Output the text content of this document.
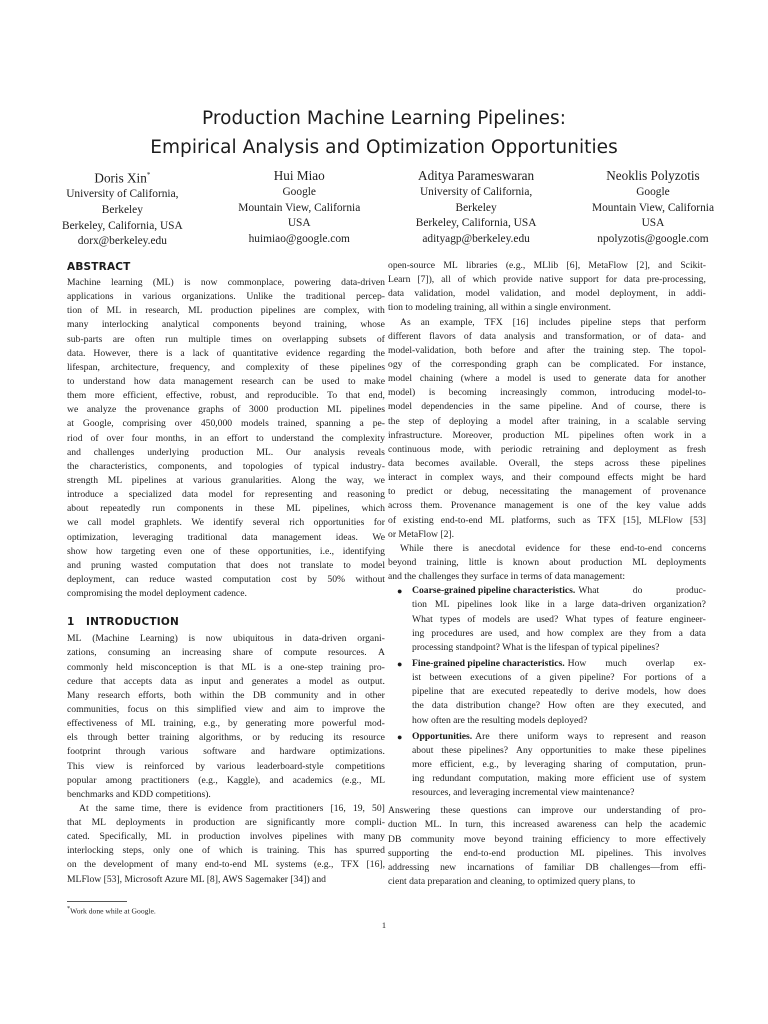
Production Machine Learning Pipelines:
Empirical Analysis and Optimization Opportunities
Doris Xin*
University of California,
Berkeley
Berkeley, California, USA
dorx@berkeley.edu
Hui Miao
Google
Mountain View, California
USA
huimiao@google.com
Aditya Parameswaran
University of California,
Berkeley
Berkeley, California, USA
adityagp@berkeley.edu
Neoklis Polyzotis
Google
Mountain View, California
USA
npolyzotis@google.com
ABSTRACT
Machine learning (ML) is now commonplace, powering data-driven
applications in various organizations. Unlike the traditional percep-
tion of ML in research, ML production pipelines are complex, with
many interlocking analytical components beyond training, whose
sub-parts are often run multiple times on overlapping subsets of
data. However, there is a lack of quantitative evidence regarding the
lifespan, architecture, frequency, and complexity of these pipelines
to understand how data management research can be used to make
them more efficient, effective, robust, and reproducible. To that end,
we analyze the provenance graphs of 3000 production ML pipelines
at Google, comprising over 450,000 models trained, spanning a pe-
riod of over four months, in an effort to understand the complexity
and challenges underlying production ML. Our analysis reveals
the characteristics, components, and topologies of typical industry-
strength ML pipelines at various granularities. Along the way, we
introduce a specialized data model for representing and reasoning
about repeatedly run components in these ML pipelines, which
we call model graphlets. We identify several rich opportunities for
optimization, leveraging traditional data management ideas. We
show how targeting even one of these opportunities, i.e., identifying
and pruning wasted computation that does not translate to model
deployment, can reduce wasted computation cost by 50% without
compromising the model deployment cadence.
1 INTRODUCTION
ML (Machine Learning) is now ubiquitous in data-driven organi-
zations, consuming an increasing share of compute resources. A
commonly held misconception is that ML is a one-step training pro-
cedure that accepts data as input and generates a model as output.
Many research efforts, both within the DB community and in other
communities, focus on this simplified view and aim to improve the
effectiveness of ML training, e.g., by generating more powerful mod-
els through better training algorithms, or by reducing its resource
footprint through various software and hardware optimizations.
This view is reinforced by various leaderboard-style competitions
popular among practitioners (e.g., Kaggle), and academics (e.g., ML
benchmarks and KDD competitions).
At the same time, there is evidence from practitioners [16, 19, 50]
that ML deployments in production are significantly more compli-
cated. Specifically, ML in production involves pipelines with many
interlocking steps, only one of which is training. This has spurred
on the development of many end-to-end ML systems (e.g., TFX [16],
MLFlow [53], Microsoft Azure ML [8], AWS Sagemaker [34]) and
open-source ML libraries (e.g., MLlib [6], MetaFlow [2], and Scikit-
Learn [7]), all of which provide native support for data pre-processing,
data validation, model validation, and model deployment, in addi-
tion to modeling training, all within a single environment.
As an example, TFX [16] includes pipeline steps that perform
different flavors of data analysis and transformation, or of data- and
model-validation, both before and after the training step. The topol-
ogy of the corresponding graph can be complicated. For instance,
model chaining (where a model is used to generate data for another
model) is becoming increasingly common, introducing model-to-
model dependencies in the same pipeline. And of course, there is
the step of deploying a model after training, in a scalable serving
infrastructure. Moreover, production ML pipelines often work in a
continuous mode, with periodic retraining and deployment as fresh
data becomes available. Overall, the steps across these pipelines
interact in complex ways, and their compound effects might be hard
to predict or debug, necessitating the management of provenance
across them. Provenance management is one of the key value adds
of existing end-to-end ML platforms, such as TFX [15], MLFlow [53]
or MetaFlow [2].
While there is anecdotal evidence for these end-to-end concerns
beyond training, little is known about production ML deployments
and the challenges they surface in terms of data management:
● Coarse-grained pipeline characteristics. What	do	produc-
tion ML pipelines look like in a large data-driven organization?
What types of models are used? What types of feature engineer-
ing procedures are used, and how complex are they from a data
processing standpoint? What is the lifespan of typical pipelines?
● Fine-grained pipeline characteristics. How much overlap ex-
ist between executions of a given pipeline? For portions of a
pipeline that are executed repeatedly to derive models, how does
the data distribution change? How often are they executed, and
how often are the resulting models deployed?
● Opportunities. Are there uniform ways to represent and reason
about these pipelines? Any opportunities to make these pipelines
more efficient, e.g., by leveraging sharing of computation, prun-
ing redundant computation, making more efficient use of system
resources, and leveraging incremental view maintenance?
Answering these questions can improve our understanding of pro-
duction ML. In turn, this increased awareness can help the academic
DB community move beyond training efficiency to more effectively
supporting the end-to-end production ML pipelines. This involves
addressing new incarnations of familiar DB challenges—from effi-
cient data preparation and cleaning, to optimized query plans, to
*Work done while at Google.
1
